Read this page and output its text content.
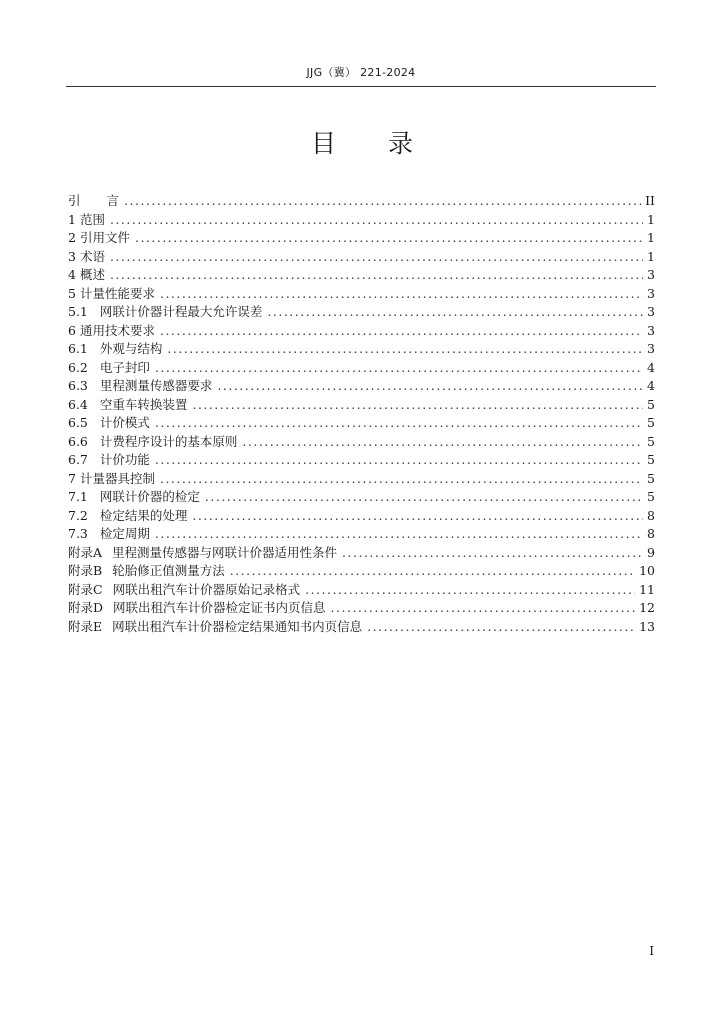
JJG（冀） 221-2024
目 录
引 言 .....	II
1 范围 .....	1
2 引用文件 .....	1
3 术语 .....	1
4 概述 .....	3
5 计量性能要求 .....	3
5.1 网联计价器计程最大允许误差 .....	3
6 通用技术要求 .....	3
6.1 外观与结构 .....	3
6.2 电子封印 .....	4
6.3 里程测量传感器要求 .....	4
6.4 空重车转换装置 .....	5
6.5 计价模式 .....	5
6.6 计费程序设计的基本原则 .....	5
6.7 计价功能 .....	5
7 计量器具控制 .....	5
7.1 网联计价器的检定 .....	5
7.2 检定结果的处理 .....	8
7.3 检定周期 .....	8
附录A 里程测量传感器与网联计价器适用性条件 .....	9
附录B 轮胎修正值测量方法 .....	10
附录C 网联出租汽车计价器原始记录格式 .....	11
附录D 网联出租汽车计价器检定证书内页信息 .....	12
附录E 网联出租汽车计价器检定结果通知书内页信息 .....	13
I
